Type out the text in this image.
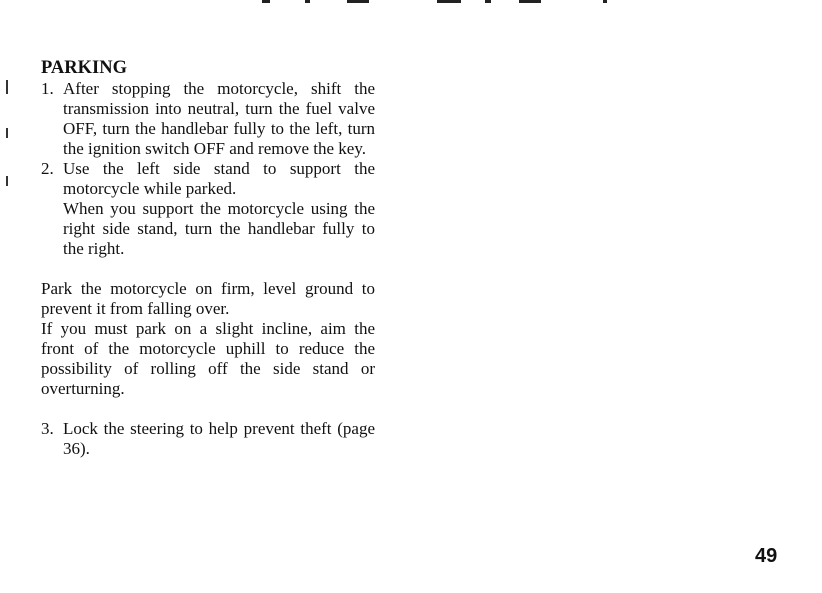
PARKING
1. After stopping the motorcycle, shift the transmission into neutral, turn the fuel valve OFF, turn the handlebar fully to the left, turn the ignition switch OFF and remove the key.

2. Use the left side stand to support the motorcycle while parked.

When you support the motorcycle using the right side stand, turn the handlebar fully to the right.

Park the motorcycle on firm, level ground to prevent it from falling over.

If you must park on a slight incline, aim the front of the motorcycle uphill to reduce the possibility of rolling off the side stand or overturning.

3. Lock the steering to help prevent theft (page 36).

49
